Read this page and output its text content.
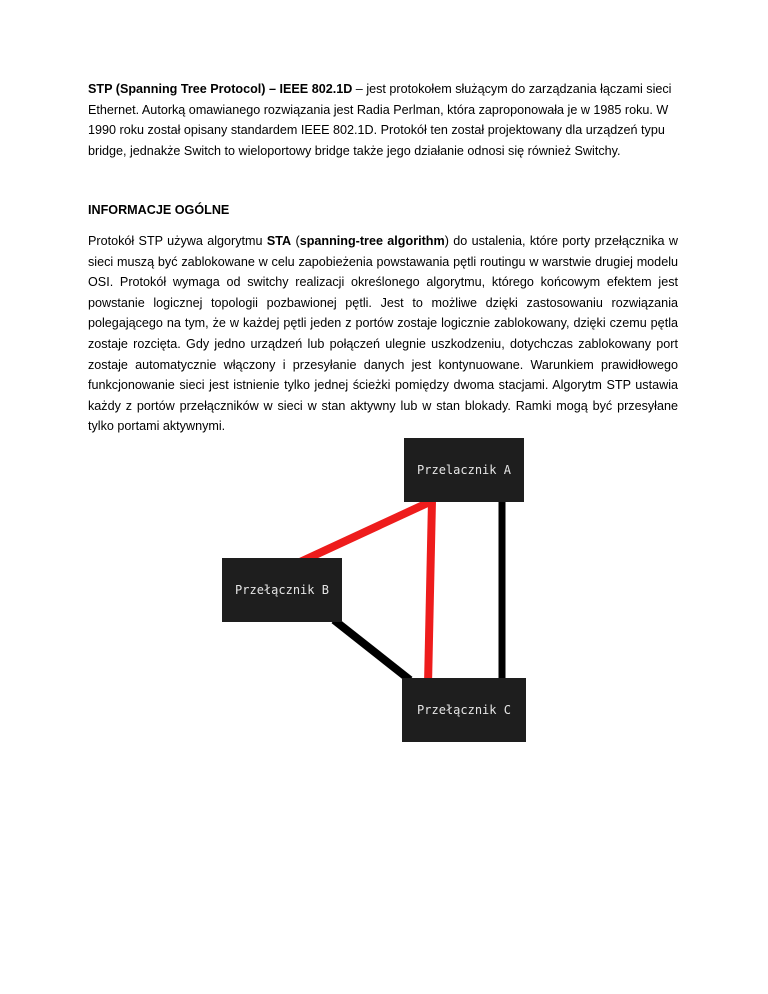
STP (Spanning Tree Protocol) – IEEE 802.1D – jest protokołem służącym do zarządzania łączami sieci Ethernet. Autorką omawianego rozwiązania jest Radia Perlman, która zaproponowała je w 1985 roku. W 1990 roku został opisany standardem IEEE 802.1D. Protokół ten został projektowany dla urządzeń typu bridge, jednakże Switch to wieloportowy bridge także jego działanie odnosi się również Switchy.

INFORMACJE OGÓLNE

Protokół STP używa algorytmu STA (spanning-tree algorithm) do ustalenia, które porty przełącznika w sieci muszą być zablokowane w celu zapobieżenia powstawania pętli routingu w warstwie drugiej modelu OSI. Protokół wymaga od switchy realizacji określonego algorytmu, którego końcowym efektem jest powstanie logicznej topologii pozbawionej pętli. Jest to możliwe dzięki zastosowaniu rozwiązania polegającego na tym, że w każdej pętli jeden z portów zostaje logicznie zablokowany, dzięki czemu pętla zostaje rozcięta. Gdy jedno urządzeń lub połączeń ulegnie uszkodzeniu, dotychczas zablokowany port zostaje automatycznie włączony i przesyłanie danych jest kontynuowane. Warunkiem prawidłowego funkcjonowanie sieci jest istnienie tylko jednej ścieżki pomiędzy dwoma stacjami. Algorytm STP ustawia każdy z portów przełączników w sieci w stan aktywny lub w stan blokady. Ramki mogą być przesyłane tylko portami aktywnymi.

Przelacznik A
Przełącznik B
Przełącznik C
